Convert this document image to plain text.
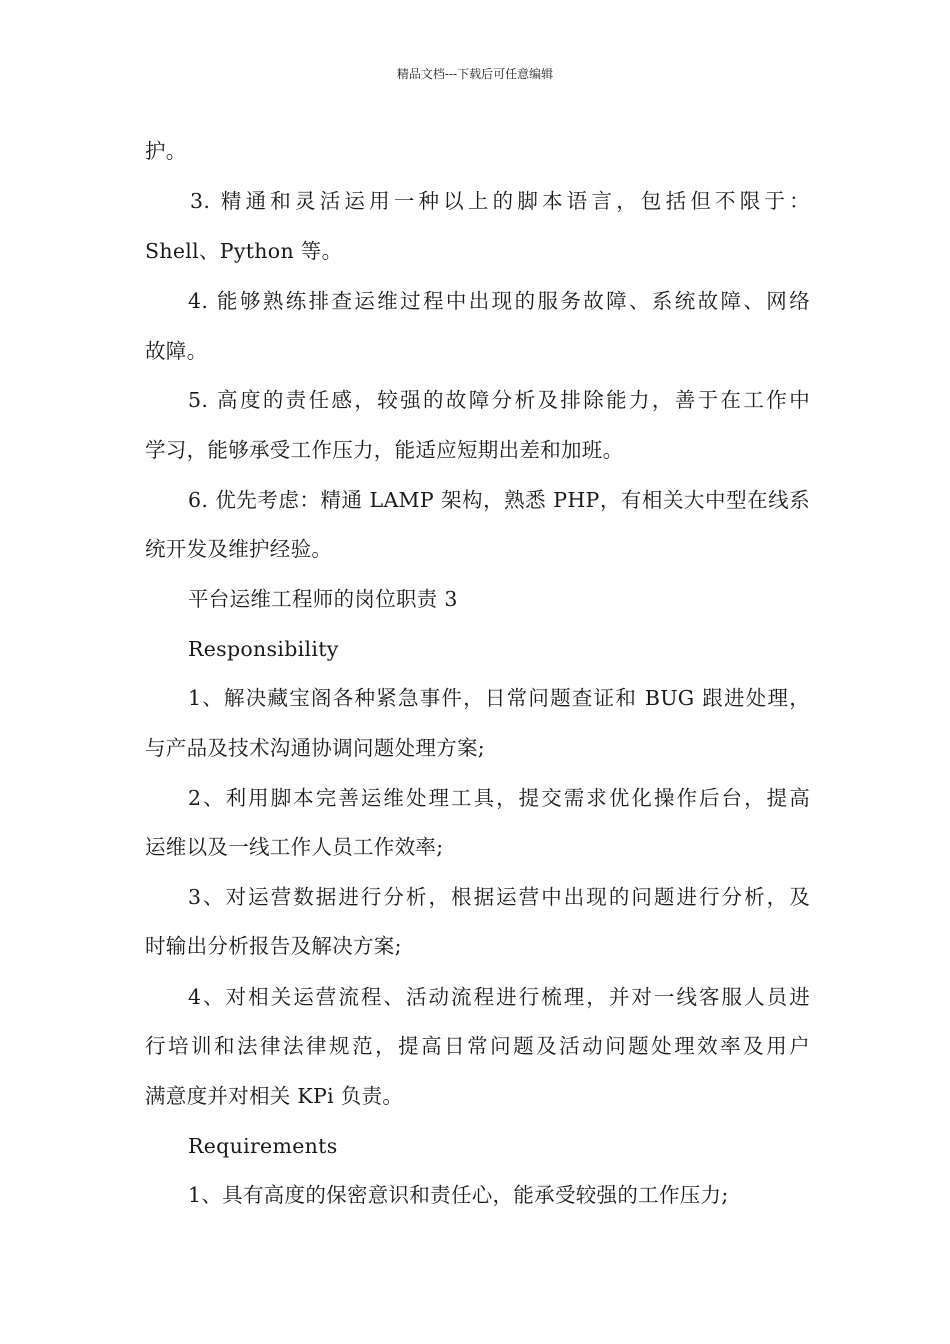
精品文档---下载后可任意编辑
护。
3. 精通和灵活运用一种以上的脚本语言，包括但不限于：
Shell、Python 等。
4. 能够熟练排查运维过程中出现的服务故障、系统故障、网络
故障。
5. 高度的责任感，较强的故障分析及排除能力，善于在工作中
学习，能够承受工作压力，能适应短期出差和加班。
6. 优先考虑：精通 LAMP 架构，熟悉 PHP，有相关大中型在线系
统开发及维护经验。
平台运维工程师的岗位职责 3
Responsibility
1、解决藏宝阁各种紧急事件，日常问题查证和 BUG 跟进处理，
与产品及技术沟通协调问题处理方案;
2、利用脚本完善运维处理工具，提交需求优化操作后台，提高
运维以及一线工作人员工作效率;
3、对运营数据进行分析，根据运营中出现的问题进行分析，及
时输出分析报告及解决方案;
4、对相关运营流程、活动流程进行梳理，并对一线客服人员进
行培训和法律法律规范，提高日常问题及活动问题处理效率及用户
满意度并对相关 KPi 负责。
Requirements
1、具有高度的保密意识和责任心，能承受较强的工作压力;
